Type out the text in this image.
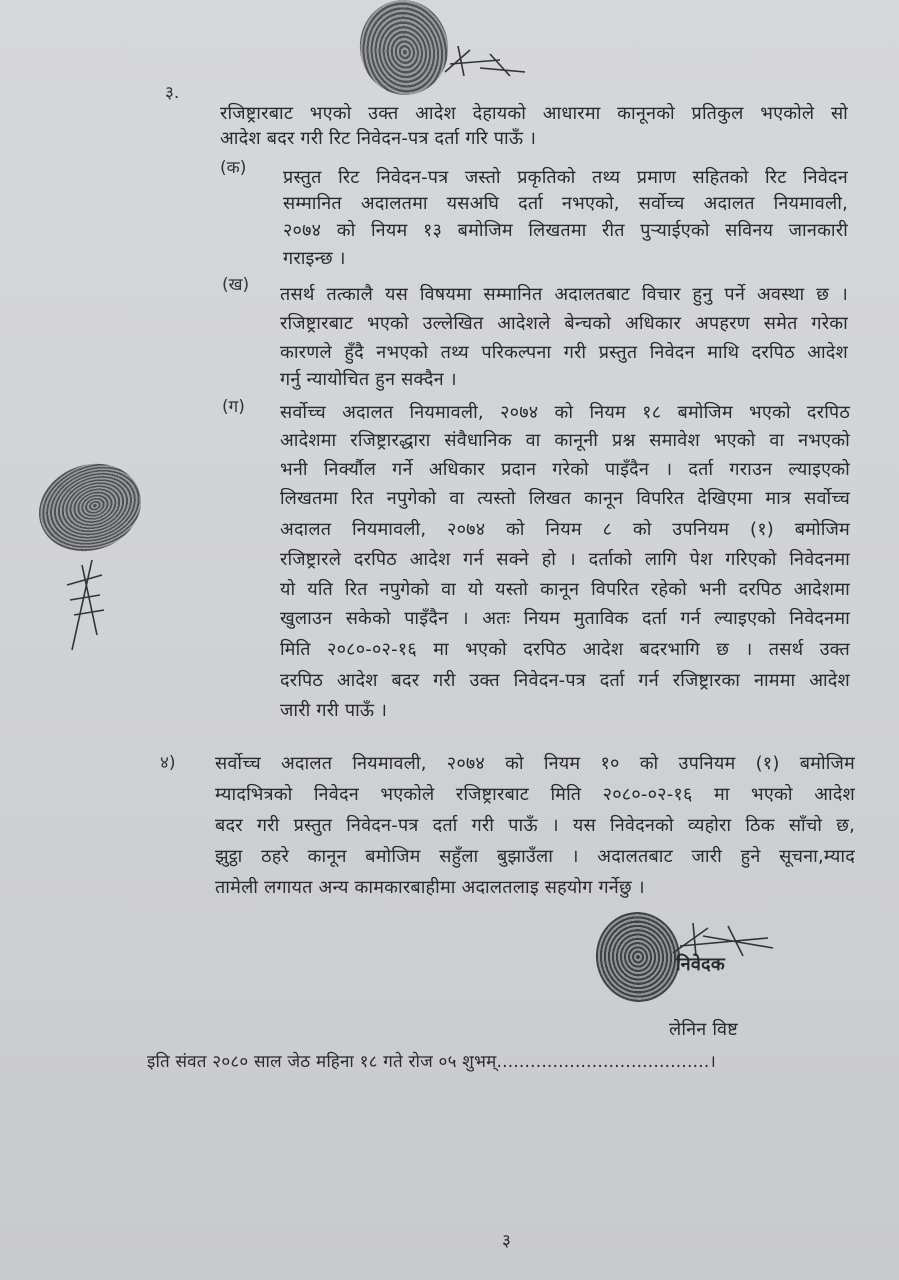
३.
रजिष्ट्रारबाट भएको उक्त आदेश देहायको आधारमा कानूनको प्रतिकुल भएकोले सो
आदेश बदर गरी रिट निवेदन-पत्र दर्ता गरि पाऊँ ।
(क) प्रस्तुत रिट निवेदन-पत्र जस्तो प्रकृतिको तथ्य प्रमाण सहितको रिट निवेदन
सम्मानित अदालतमा यसअघि दर्ता नभएको, सर्वोच्च अदालत नियमावली,
२०७४ को नियम १३ बमोजिम लिखतमा रीत पुर्‍याईएको सविनय जानकारी
गराइन्छ ।
(ख) तसर्थ तत्कालै यस विषयमा सम्मानित अदालतबाट विचार हुनु पर्ने अवस्था छ ।
रजिष्ट्रारबाट भएको उल्लेखित आदेशले बेन्चको अधिकार अपहरण समेत गरेका
कारणले हुँदै नभएको तथ्य परिकल्पना गरी प्रस्तुत निवेदन माथि दरपिठ आदेश
गर्नु न्यायोचित हुन सक्दैन ।
(ग) सर्वोच्च अदालत नियमावली, २०७४ को नियम १८ बमोजिम भएको दरपिठ
आदेशमा रजिष्ट्रारद्धारा संवैधानिक वा कानूनी प्रश्न समावेश भएको वा नभएको
भनी निर्क्यौल गर्ने अधिकार प्रदान गरेको पाइँदैन । दर्ता गराउन ल्याइएको
लिखतमा रित नपुगेको वा त्यस्तो लिखत कानून विपरित देखिएमा मात्र सर्वोच्च
अदालत नियमावली, २०७४ को नियम ८ को उपनियम (१) बमोजिम
रजिष्ट्रारले दरपिठ आदेश गर्न सक्ने हो । दर्ताको लागि पेश गरिएको निवेदनमा
यो यति रित नपुगेको वा यो यस्तो कानून विपरित रहेको भनी दरपिठ आदेशमा
खुलाउन सकेको पाइँदैन । अतः नियम मुताविक दर्ता गर्न ल्याइएको निवेदनमा
मिति २०८०-०२-१६ मा भएको दरपिठ आदेश बदरभागि छ । तसर्थ उक्त
दरपिठ आदेश बदर गरी उक्त निवेदन-पत्र दर्ता गर्न रजिष्ट्रारका नाममा आदेश
जारी गरी पाऊँ ।
४) सर्वोच्च अदालत नियमावली, २०७४ को नियम १० को उपनियम (१) बमोजिम
म्यादभित्रको निवेदन भएकोले रजिष्ट्रारबाट मिति २०८०-०२-१६ मा भएको आदेश
बदर गरी प्रस्तुत निवेदन-पत्र दर्ता गरी पाऊँ । यस निवेदनको व्यहोरा ठिक साँचो छ,
झुट्ठा ठहरे कानून बमोजिम सहुँला बुझाउँला । अदालतबाट जारी हुने सूचना,म्याद
तामेली लगायत अन्य कामकारबाहीमा अदालतलाइ सहयोग गर्नेछु ।
निवेदक
लेनिन विष्ट
इति संवत २०८० साल जेठ महिना १८ गते रोज ०५ शुभम्......................................।
३
